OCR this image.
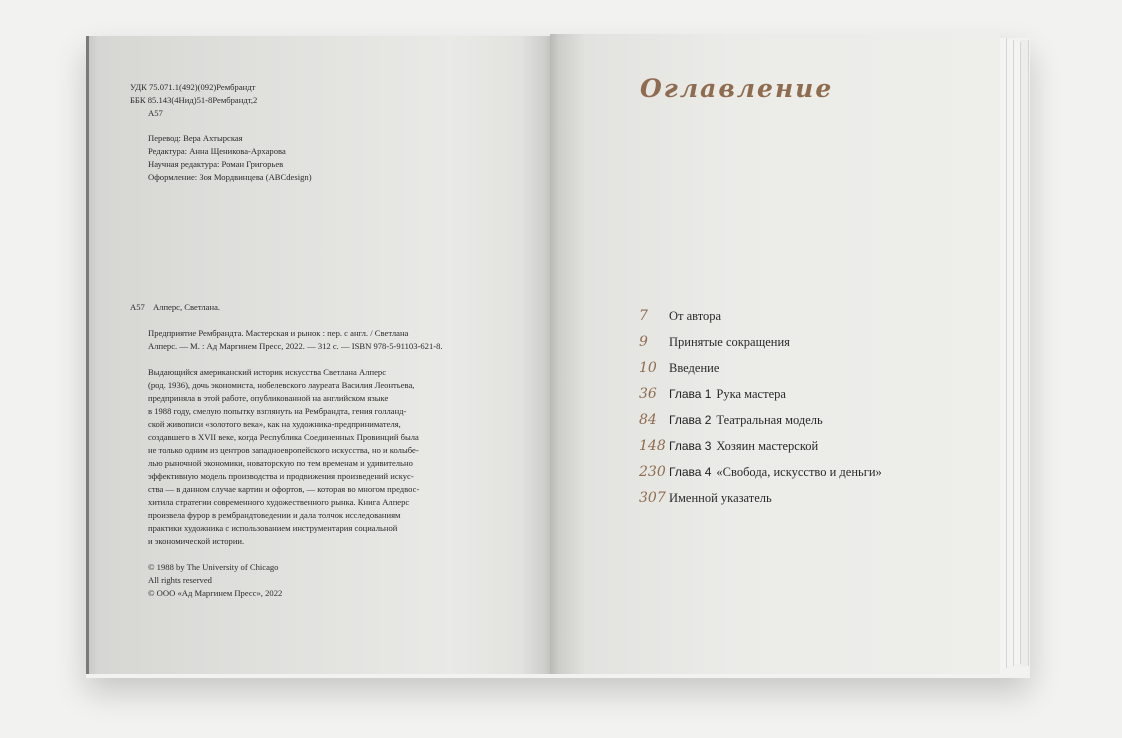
УДК 75.071.1(492)(092)Рембрандт
ББК 85.143(4Нид)51-8Рембрандт,2
А57
Перевод: Вера Ахтырская
Редактура: Анна Щеникова-Архарова
Научная редактура: Роман Григорьев
Оформление: Зоя Мордвинцева (ABCdesign)
А57 Алперс, Светлана.
Предприятие Рембрандта. Мастерская и рынок : пер. с англ. / Светлана
Алперс. — М. : Ад Маргинем Пресс, 2022. — 312 с. — ISBN 978-5-91103-621-8.
Выдающийся американский историк искусства Светлана Алперс
(род. 1936), дочь экономиста, нобелевского лауреата Василия Леонтьева,
предприняла в этой работе, опубликованной на английском языке
в 1988 году, смелую попытку взглянуть на Рембрандта, гения голланд-
ской живописи «золотого века», как на художника-предпринимателя,
создавшего в XVII веке, когда Республика Соединенных Провинций была
не только одним из центров западноевропейского искусства, но и колыбе-
лью рыночной экономики, новаторскую по тем временам и удивительно
эффективную модель производства и продвижения произведений искус-
ства — в данном случае картин и офортов, — которая во многом предвос-
хитила стратегии современного художественного рынка. Книга Алперс
произвела фурор в рембрандтоведении и дала толчок исследованиям
практики художника с использованием инструментария социальной
и экономической истории.
© 1988 by The University of Chicago
All rights reserved
© ООО «Ад Маргинем Пресс», 2022
Оглавление
7	От автора
9	Принятые сокращения
10 Введение
36	Глава 1 Рука мастера
84	Глава 2 Театральная модель
148 Глава 3 Хозяин мастерской
230 Глава 4 «Свобода, искусство и деньги»
307 Именной указатель
